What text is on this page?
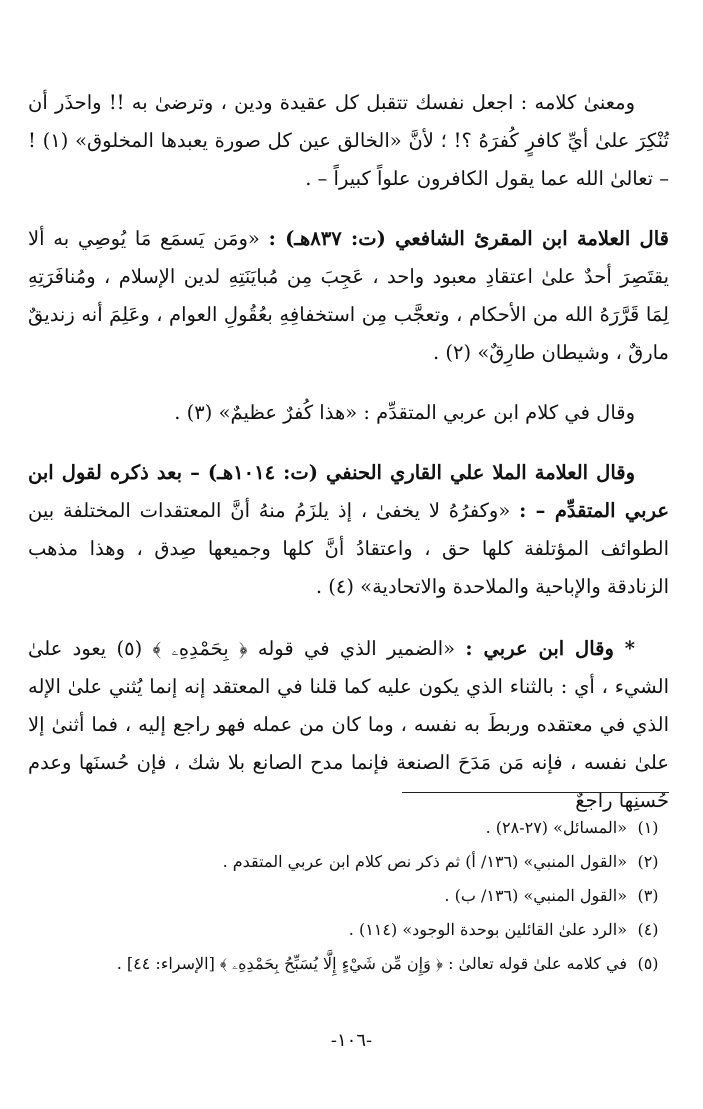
ومعنىٰ كلامه : اجعل نفسك تتقبل كل عقيدة ودين ، وترضىٰ به !! واحذَر أن تُنْكِرَ علىٰ أيِّ كافرٍ كُفرَهُ ؟! ؛ لأنَّ «الخالق عين كل صورة يعبدها المخلوق» (١) ! – تعالىٰ الله عما يقول الكافرون علواً كبيراً – .

قال العلامة ابن المقرئ الشافعي (ت: ٨٣٧هـ) : «ومَن يَسمَع مَا يُوصِي به ألا يقتَصِرَ أحدٌ علىٰ اعتقادِ معبود واحد ، عَجِبَ مِن مُبايَنَتِهِ لدين الإسلام ، ومُنافَرَتِهِ لِمَا قَرَّرَهُ الله من الأحكام ، وتعجَّب مِن استخفافِهِ بعُقُولِ العوام ، وعَلِمَ أنه زنديقٌ مارقٌ ، وشيطان طارِقٌ» (٢) .

وقال في كلام ابن عربي المتقدِّم : «هذا كُفرٌ عظيمٌ» (٣) .

وقال العلامة الملا علي القاري الحنفي (ت: ١٠١٤هـ) – بعد ذكره لقول ابن عربي المتقدِّم – : «وكفرُهُ لا يخفىٰ ، إذ يلزَمُ منهُ أنَّ المعتقدات المختلفة بين الطوائف المؤتلفة كلها حق ، واعتقادُ أنَّ كلها وجميعها صِدق ، وهذا مذهب الزنادقة والإباحية والملاحدة والاتحادية» (٤) .

* وقال ابن عربي : «الضمير الذي في قوله ﴿ بِحَمْدِهِۦ ﴾ (٥) يعود علىٰ الشيء ، أي : بالثناء الذي يكون عليه كما قلنا في المعتقد إنه إنما يُثني علىٰ الإله الذي في معتقده وربطَ به نفسه ، وما كان من عمله فهو راجع إليه ، فما أثنىٰ إلا علىٰ نفسه ، فإنه مَن مَدَحَ الصنعة فإنما مدح الصانع بلا شك ، فإن حُسنَها وعدم حُسنِها راجعٌ

(١)
«المسائل» (٢٧-٢٨) .
(٢)
«القول المنبي» (١٣٦/ أ) ثم ذكر نص كلام ابن عربي المتقدم .
(٣)
«القول المنبي» (١٣٦/ ب) .
(٤)
«الرد علىٰ القائلين بوحدة الوجود» (١١٤) .
(٥)
في كلامه علىٰ قوله تعالىٰ : ﴿ وَإِن مِّن شَيْءٍ إِلَّا يُسَبِّحُ بِحَمْدِهِۦ ﴾ [الإسراء: ٤٤] .
-١٠٦-
